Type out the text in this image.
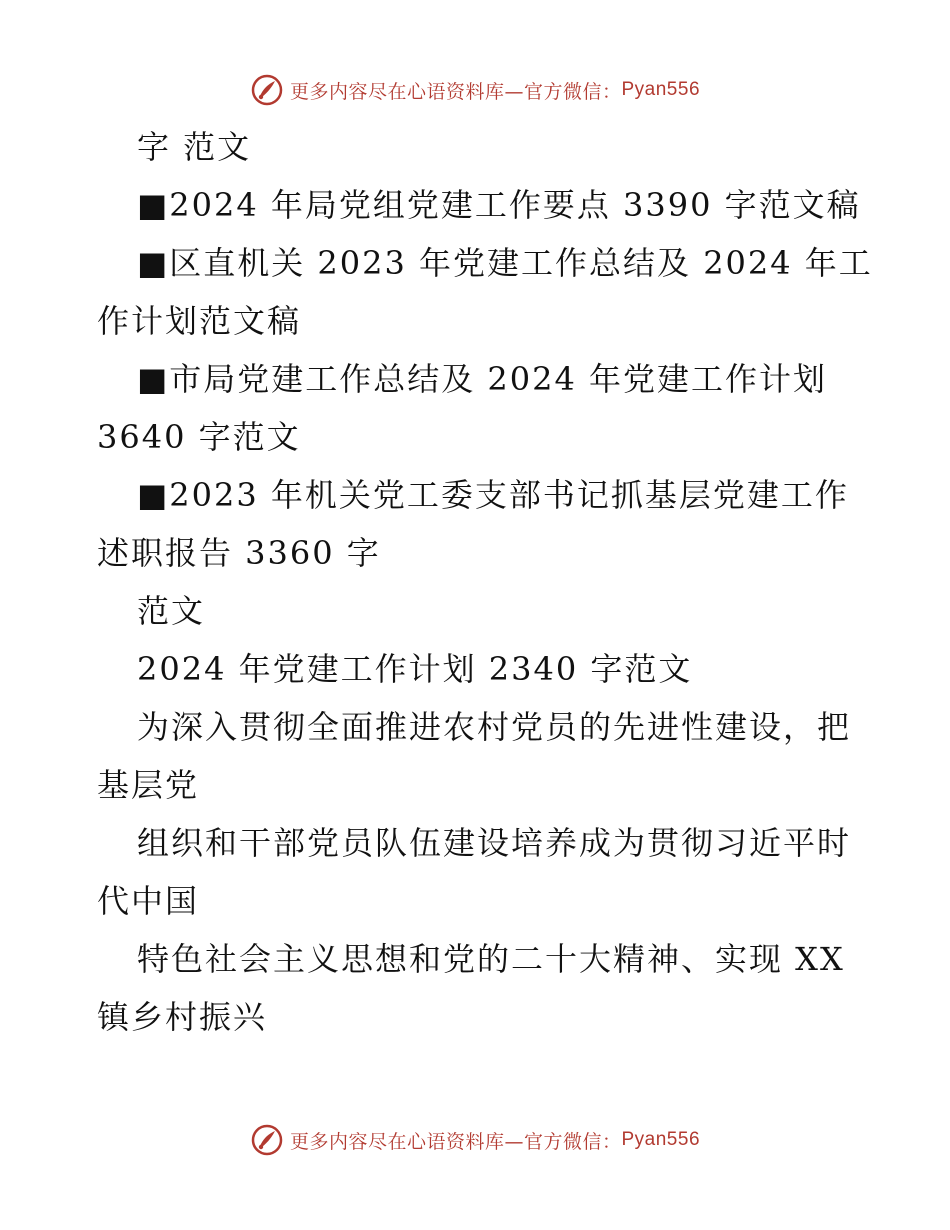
更多内容尽在心语资料库—官方微信： Pyan556
字 范文
■2024 年局党组党建工作要点 3390 字范文稿
■区直机关 2023 年党建工作总结及 2024 年工
作计划范文稿
■市局党建工作总结及 2024 年党建工作计划
3640 字范文
■2023 年机关党工委支部书记抓基层党建工作
述职报告 3360 字
范文
2024 年党建工作计划 2340 字范文
为深入贯彻全面推进农村党员的先进性建设，把
基层党
组织和干部党员队伍建设培养成为贯彻习近平时
代中国
特色社会主义思想和党的二十大精神、实现 XX
镇乡村振兴
更多内容尽在心语资料库—官方微信： Pyan556
